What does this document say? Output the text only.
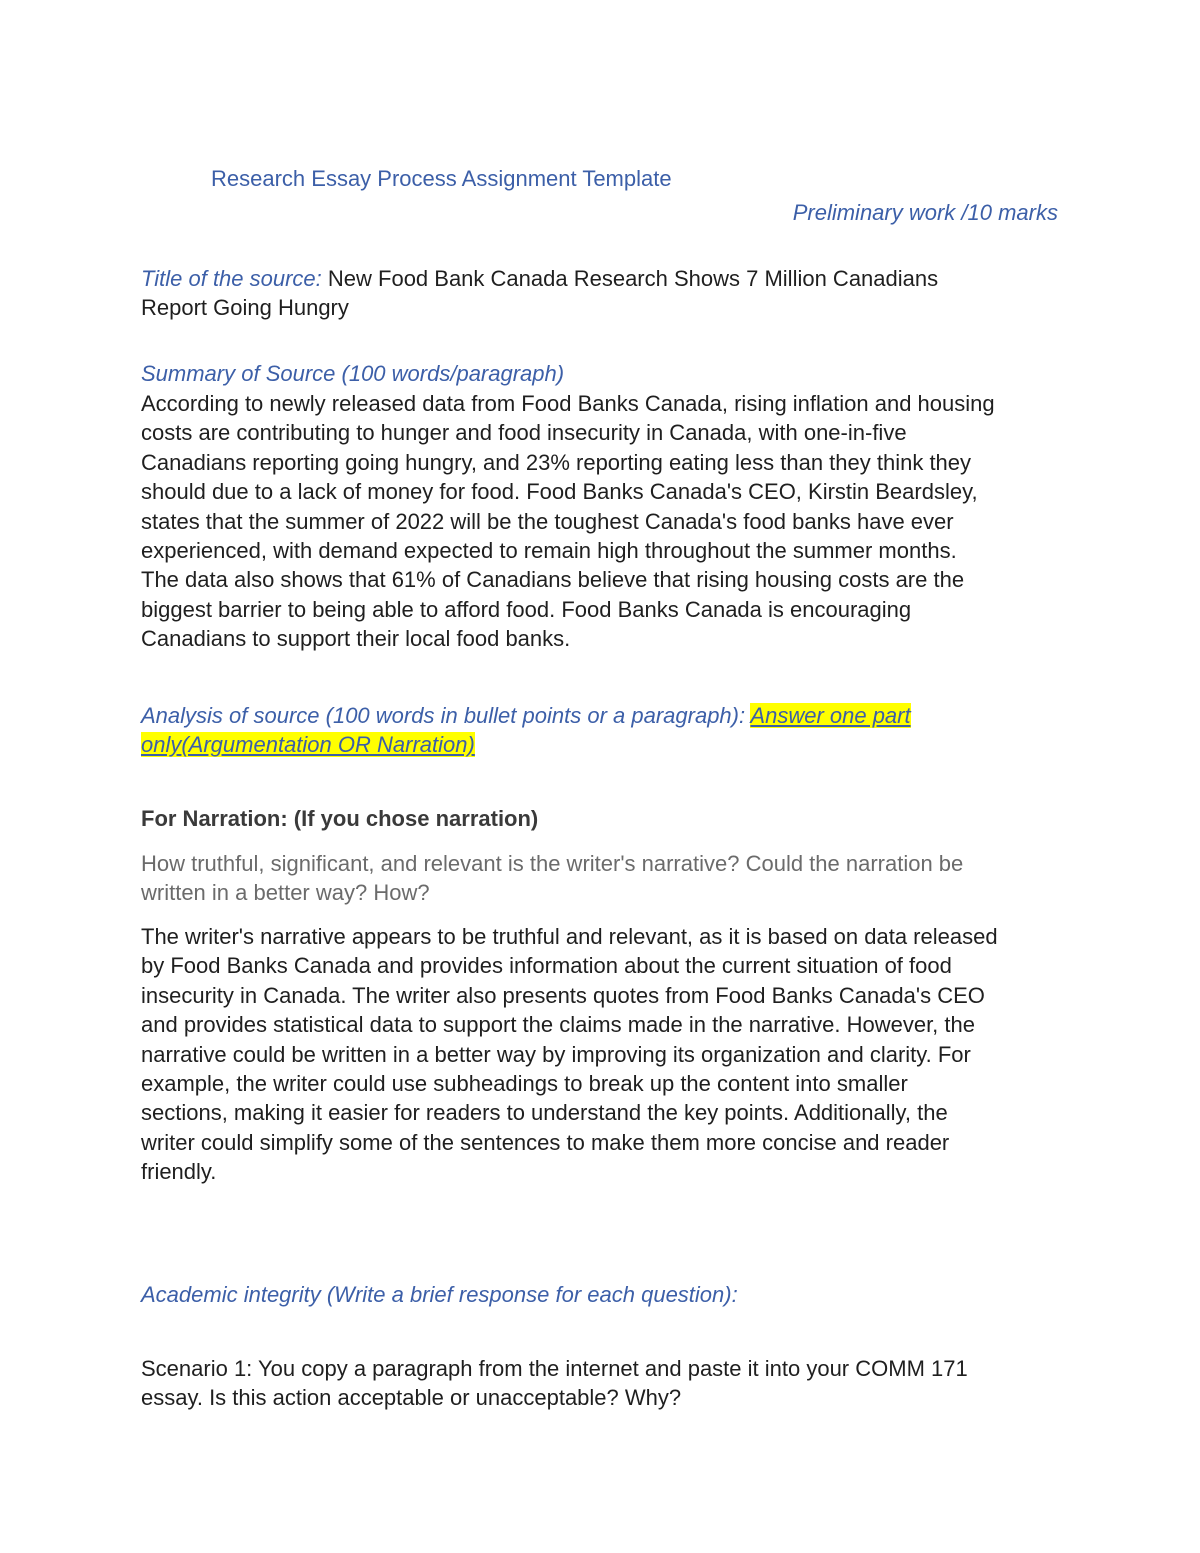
Research Essay Process Assignment Template
Preliminary work /10 marks
Title of the source: New Food Bank Canada Research Shows 7 Million Canadians
Report Going Hungry
Summary of Source (100 words/paragraph)

According to newly released data from Food Banks Canada, rising inflation and housing

costs are contributing to hunger and food insecurity in Canada, with one-in-five

Canadians reporting going hungry, and 23% reporting eating less than they think they

should due to a lack of money for food. Food Banks Canada's CEO, Kirstin Beardsley,

states that the summer of 2022 will be the toughest Canada's food banks have ever

experienced, with demand expected to remain high throughout the summer months.

The data also shows that 61% of Canadians believe that rising housing costs are the

biggest barrier to being able to afford food. Food Banks Canada is encouraging

Canadians to support their local food banks.

Analysis of source (100 words in bullet points or a paragraph): Answer one part
only(Argumentation OR Narration)
For Narration: (If you chose narration)
How truthful, significant, and relevant is the writer's narrative? Could the narration be
written in a better way? How?

The writer's narrative appears to be truthful and relevant, as it is based on data released

by Food Banks Canada and provides information about the current situation of food

insecurity in Canada. The writer also presents quotes from Food Banks Canada's CEO

and provides statistical data to support the claims made in the narrative. However, the

narrative could be written in a better way by improving its organization and clarity. For

example, the writer could use subheadings to break up the content into smaller

sections, making it easier for readers to understand the key points. Additionally, the

writer could simplify some of the sentences to make them more concise and reader

friendly.

Academic integrity (Write a brief response for each question):
Scenario 1: You copy a paragraph from the internet and paste it into your COMM 171
essay. Is this action acceptable or unacceptable? Why?
